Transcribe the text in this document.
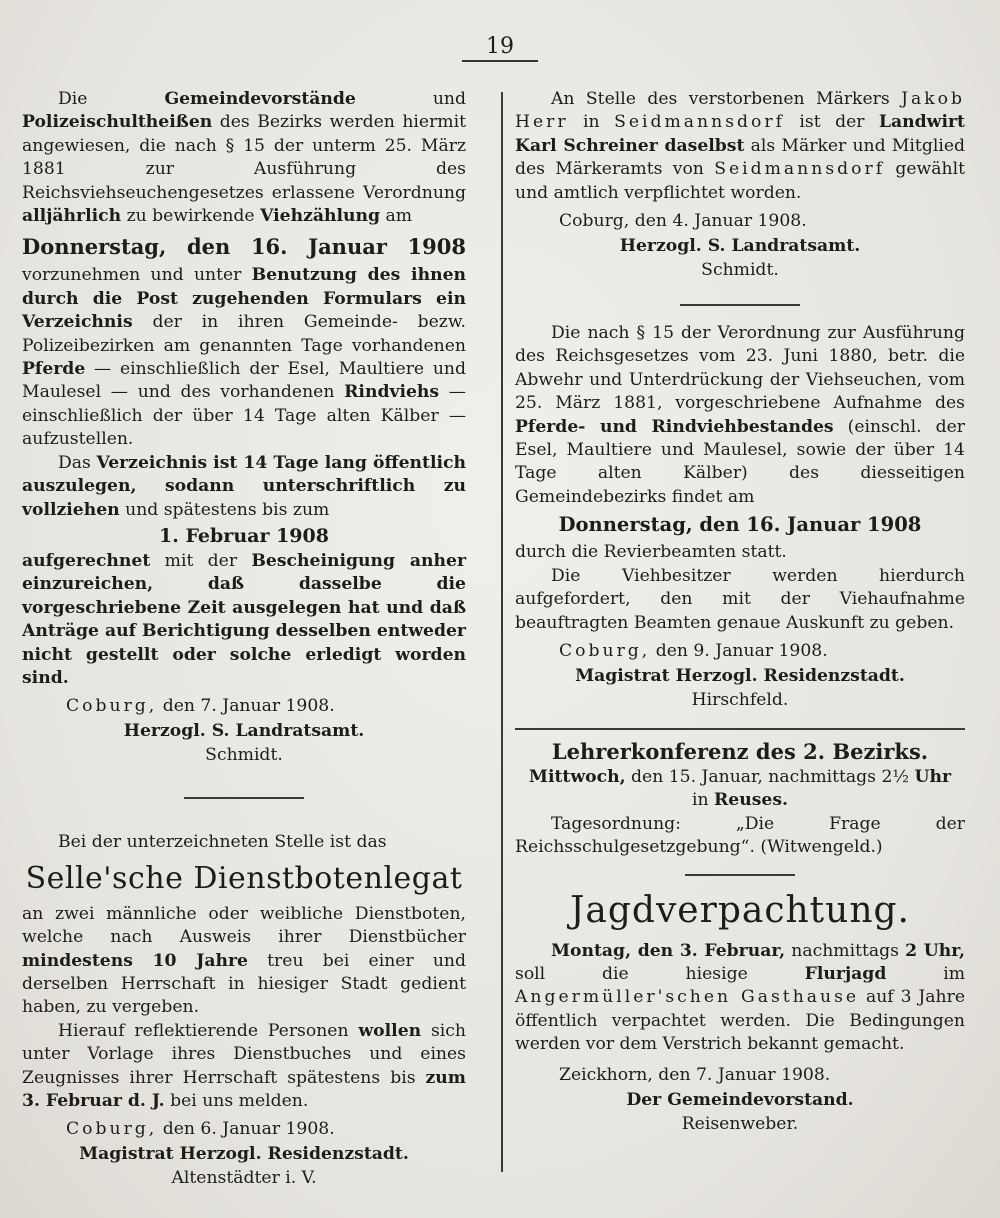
19

Die Gemeindevorstände und Polizeischultheißen des Bezirks werden hiermit angewiesen, die nach § 15 der unterm 25. März 1881 zur Ausführung des Reichsviehseuchengesetzes erlassene Verordnung alljährlich zu bewirkende Viehzählung am

Donnerstag, den 16. Januar 1908

vorzunehmen und unter Benutzung des ihnen durch die Post zugehenden Formulars ein Verzeichnis der in ihren Gemeinde- bezw. Polizeibezirken am genannten Tage vorhandenen Pferde — einschließlich der Esel, Maultiere und Maulesel — und des vorhandenen Rindviehs — einschließlich der über 14 Tage alten Kälber — aufzustellen.

Das Verzeichnis ist 14 Tage lang öffentlich auszulegen, sodann unterschriftlich zu vollziehen und spätestens bis zum

1. Februar 1908

aufgerechnet mit der Bescheinigung anher einzureichen, daß dasselbe die vorgeschriebene Zeit ausgelegen hat und daß Anträge auf Berichtigung desselben entweder nicht gestellt oder solche erledigt worden sind.

Coburg, den 7. Januar 1908.

Herzogl. S. Landratsamt.

Schmidt.

Bei der unterzeichneten Stelle ist das

Selle'sche Dienstbotenlegat

an zwei männliche oder weibliche Dienstboten, welche nach Ausweis ihrer Dienstbücher mindestens 10 Jahre treu bei einer und derselben Herrschaft in hiesiger Stadt gedient haben, zu vergeben.

Hierauf reflektierende Personen wollen sich unter Vorlage ihres Dienstbuches und eines Zeugnisses ihrer Herrschaft spätestens bis zum 3. Februar d. J. bei uns melden.

Coburg, den 6. Januar 1908.

Magistrat Herzogl. Residenzstadt.

Altenstädter i. V.

An Stelle des verstorbenen Märkers Jakob Herr in Seidmannsdorf ist der Landwirt Karl Schreiner daselbst als Märker und Mitglied des Märkeramts von Seidmannsdorf gewählt und amtlich verpflichtet worden.

Coburg, den 4. Januar 1908.

Herzogl. S. Landratsamt.

Schmidt.

Die nach § 15 der Verordnung zur Ausführung des Reichsgesetzes vom 23. Juni 1880, betr. die Abwehr und Unterdrückung der Viehseuchen, vom 25. März 1881, vorgeschriebene Aufnahme des Pferde- und Rindviehbestandes (einschl. der Esel, Maultiere und Maulesel, sowie der über 14 Tage alten Kälber) des diesseitigen Gemeindebezirks findet am

Donnerstag, den 16. Januar 1908

durch die Revierbeamten statt.

Die Viehbesitzer werden hierdurch aufgefordert, den mit der Viehaufnahme beauftragten Beamten genaue Auskunft zu geben.

Coburg, den 9. Januar 1908.

Magistrat Herzogl. Residenzstadt.

Hirschfeld.

Lehrerkonferenz des 2. Bezirks.

Mittwoch, den 15. Januar, nachmittags 2½ Uhr

in Reuses.

Tagesordnung: „Die Frage der Reichsschulgesetzgebung“. (Witwengeld.)

Jagdverpachtung.

Montag, den 3. Februar, nachmittags 2 Uhr, soll die hiesige Flurjagd im Angermüller'schen Gasthause auf 3 Jahre öffentlich verpachtet werden. Die Bedingungen werden vor dem Verstrich bekannt gemacht.

Zeickhorn, den 7. Januar 1908.

Der Gemeindevorstand.

Reisenweber.
